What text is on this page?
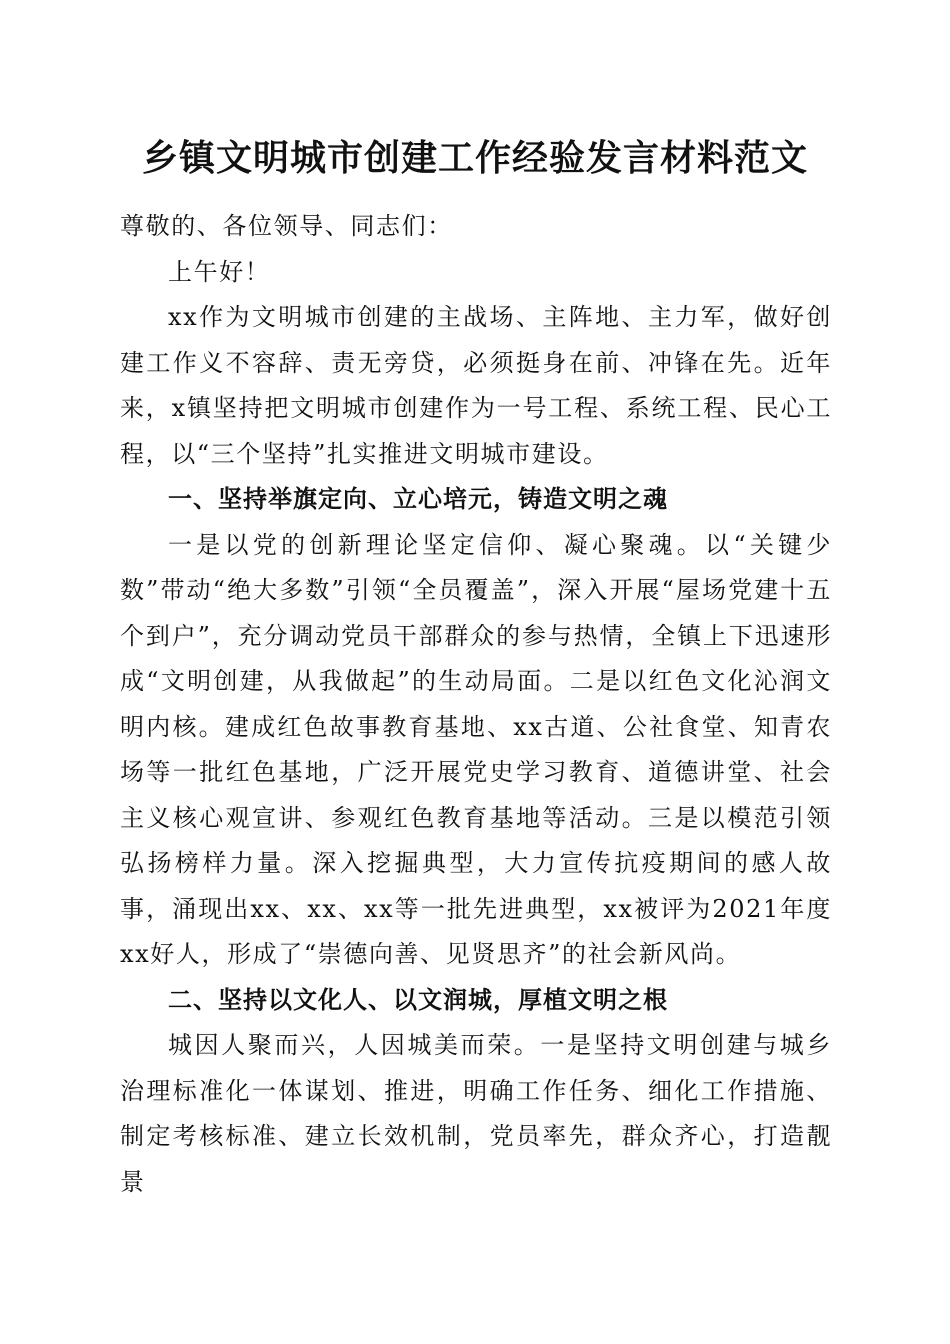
乡镇文明城市创建工作经验发言材料范文

尊敬的、各位领导、同志们：

上午好！

xx作为文明城市创建的主战场、主阵地、主力军，做好创建工作义不容辞、责无旁贷，必须挺身在前、冲锋在先。近年来，x镇坚持把文明城市创建作为一号工程、系统工程、民心工程，以“三个坚持”扎实推进文明城市建设。

一、坚持举旗定向、立心培元，铸造文明之魂

一是以党的创新理论坚定信仰、凝心聚魂。以“关键少数”带动“绝大多数”引领“全员覆盖”，深入开展“屋场党建十五个到户”，充分调动党员干部群众的参与热情，全镇上下迅速形成“文明创建，从我做起”的生动局面。二是以红色文化沁润文明内核。建成红色故事教育基地、xx古道、公社食堂、知青农场等一批红色基地，广泛开展党史学习教育、道德讲堂、社会主义核心观宣讲、参观红色教育基地等活动。三是以模范引领弘扬榜样力量。深入挖掘典型，大力宣传抗疫期间的感人故事，涌现出xx、xx、xx等一批先进典型，xx被评为2021年度xx好人，形成了“崇德向善、见贤思齐”的社会新风尚。

二、坚持以文化人、以文润城，厚植文明之根

城因人聚而兴，人因城美而荣。一是坚持文明创建与城乡治理标准化一体谋划、推进，明确工作任务、细化工作措施、制定考核标准、建立长效机制，党员率先，群众齐心，打造靓景
